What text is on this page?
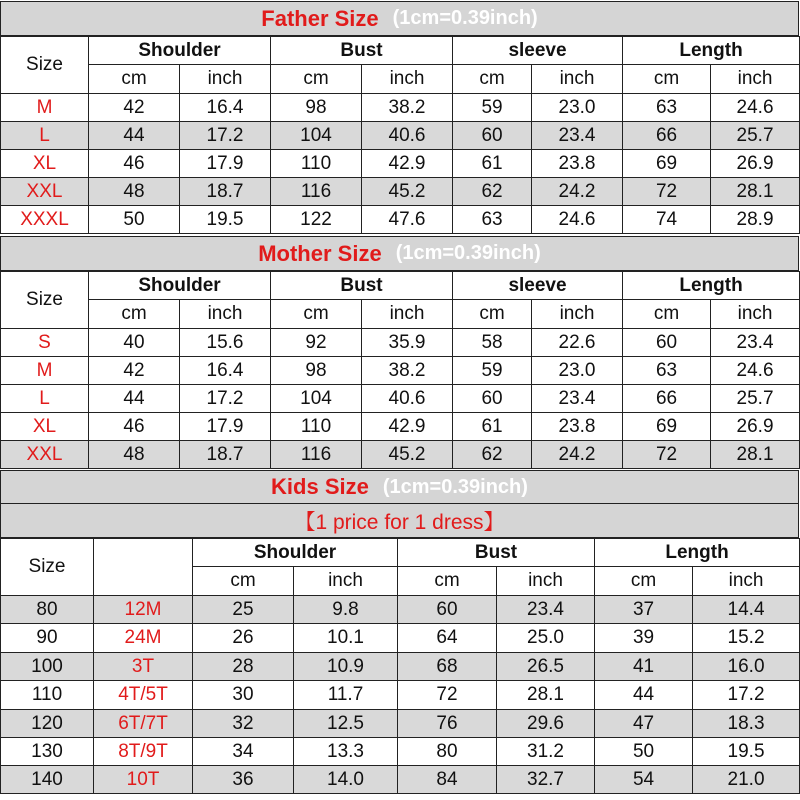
Father Size (1cm=0.39inch)
Size	Shoulder		Bust		sleeve		Length	
	cm	inch	cm	inch	cm	inch	cm	inch
M	42	16.4	98	38.2	59	23.0	63	24.6
L	44	17.2	104	40.6	60	23.4	66	25.7
XL	46	17.9	110	42.9	61	23.8	69	26.9
XXL	48	18.7	116	45.2	62	24.2	72	28.1
XXXL	50	19.5	122	47.6	63	24.6	74	28.9
Mother Size (1cm=0.39inch)
Size	Shoulder		Bust		sleeve		Length	
	cm	inch	cm	inch	cm	inch	cm	inch
S	40	15.6	92	35.9	58	22.6	60	23.4
M	42	16.4	98	38.2	59	23.0	63	24.6
L	44	17.2	104	40.6	60	23.4	66	25.7
XL	46	17.9	110	42.9	61	23.8	69	26.9
XXL	48	18.7	116	45.2	62	24.2	72	28.1
Kids Size (1cm=0.39inch)
【1 price for 1 dress】
Size		Shoulder		Bust		Length	
		cm	inch	cm	inch	cm	inch
80	12M	25	9.8	60	23.4	37	14.4
90	24M	26	10.1	64	25.0	39	15.2
100	3T	28	10.9	68	26.5	41	16.0
110	4T/5T	30	11.7	72	28.1	44	17.2
120	6T/7T	32	12.5	76	29.6	47	18.3
130	8T/9T	34	13.3	80	31.2	50	19.5
140	10T	36	14.0	84	32.7	54	21.0
